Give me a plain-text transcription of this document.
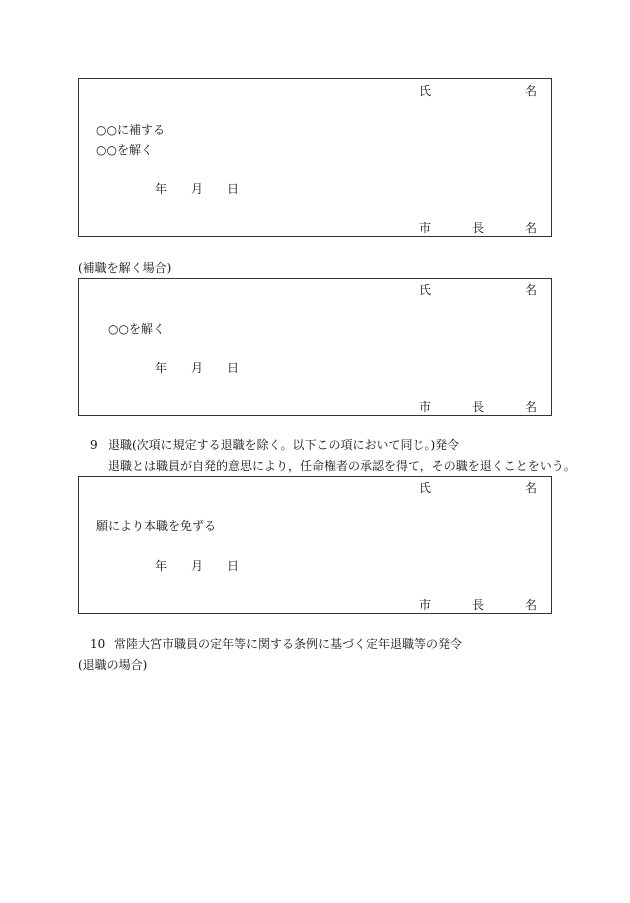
氏	名
○○に補する
○○を解く
年 月 日
市	長	名
(補職を解く場合)
氏	名
○○を解く
年 月 日
市	長	名
9 退職(次項に規定する退職を除く。以下この項において同じ。)発令
退職とは職員が自発的意思により，任命権者の承認を得て，その職を退くことをいう。
氏	名
願により本職を免ずる
年 月 日
市	長	名
10 常陸大宮市職員の定年等に関する条例に基づく定年退職等の発令
(退職の場合)
